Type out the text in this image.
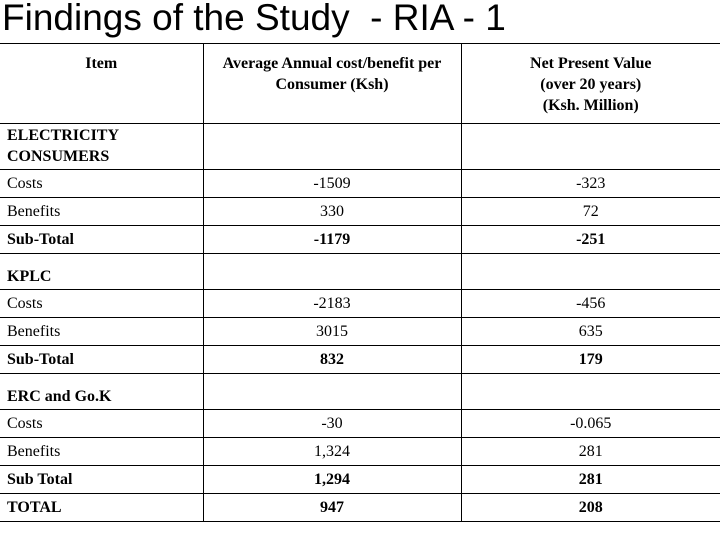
Findings of the Study  - RIA - 1
Item	Average Annual cost/benefit per Consumer (Ksh)	Net Present Value
(over 20 years)
(Ksh. Million)

ELECTRICITY CONSUMERS		
Costs	-1509	-323
Benefits	330	72
Sub-Total	-1179	-251
KPLC		
Costs	-2183	-456
Benefits	3015	635
Sub-Total	832	179
ERC and Go.K		
Costs	-30	-0.065
Benefits	1,324	281
Sub Total	1,294	281
TOTAL	947	208
